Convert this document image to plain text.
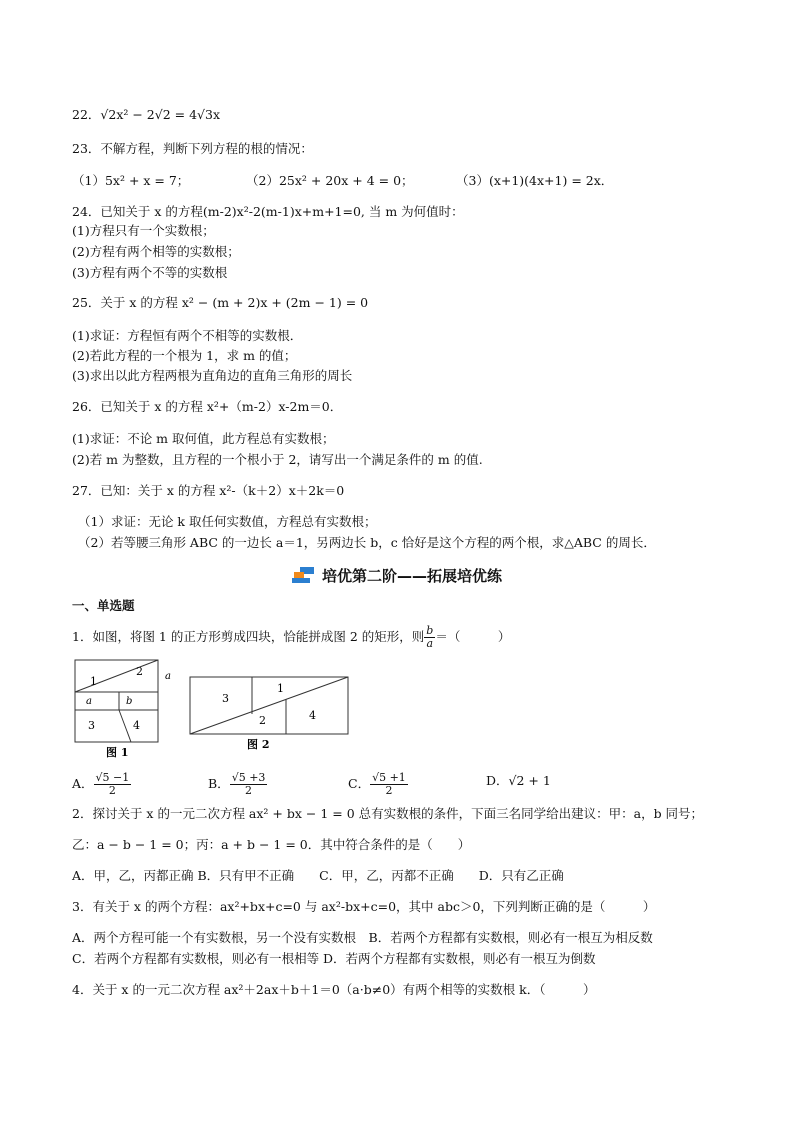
22．√2x² − 2√2 = 4√3x
23．不解方程，判断下列方程的根的情况：
（1）5x² + x = 7；	（2）25x² + 20x + 4 = 0；	（3）(x+1)(4x+1) = 2x．
24．已知关于 x 的方程(m-2)x²-2(m-1)x+m+1=0, 当 m 为何值时：
(1)方程只有一个实数根；
(2)方程有两个相等的实数根；
(3)方程有两个不等的实数根
25．关于 x 的方程 x² − (m + 2)x + (2m − 1) = 0
(1)求证：方程恒有两个不相等的实数根．
(2)若此方程的一个根为 1，求 m 的值；
(3)求出以此方程两根为直角边的直角三角形的周长
26．已知关于 x 的方程 x²+（m-2）x-2m＝0．
(1)求证：不论 m 取何值，此方程总有实数根；
(2)若 m 为整数，且方程的一个根小于 2，请写出一个满足条件的 m 的值.
27．已知：关于 x 的方程 x²-（k＋2）x＋2k＝0
（1）求证：无论 k 取任何实数值，方程总有实数根；
（2）若等腰三角形 ABC 的一边长 a＝1，另两边长 b，c 恰好是这个方程的两个根，求△ABC 的周长．
培优第二阶——拓展培优练
一、单选题
1．如图，将图 1 的正方形剪成四块，恰能拼成图 2 的矩形，则 $\frac{b}{a}$ ＝（　　　）
1
2 a
a	b
3	4
图 1
3
1
2	4
图 2
A． $\frac{√5 -1}{2}$	B． $\frac{√5 +3}{2}$	C． $\frac{√5 +1}{2}$	D．√2 + 1
2．探讨关于 x 的一元二次方程 ax² + bx − 1 = 0 总有实数根的条件，下面三名同学给出建议：甲：a，b 同号；
乙：a − b − 1 = 0；丙：a + b − 1 = 0．其中符合条件的是（　　）
A．甲，乙，丙都正确 B．只有甲不正确　　C．甲，乙，丙都不正确　　D．只有乙正确
3．有关于 x 的两个方程：ax²+bx+c=0 与 ax²-bx+c=0，其中 abc＞0，下列判断正确的是（　　　）
A．两个方程可能一个有实数根，另一个没有实数根　B．若两个方程都有实数根，则必有一根互为相反数
C．若两个方程都有实数根，则必有一根相等 D．若两个方程都有实数根，则必有一根互为倒数
4．关于 x 的一元二次方程 ax²＋2ax＋b＋1＝0（a·b≠0）有两个相等的实数根 k．（　　　）
